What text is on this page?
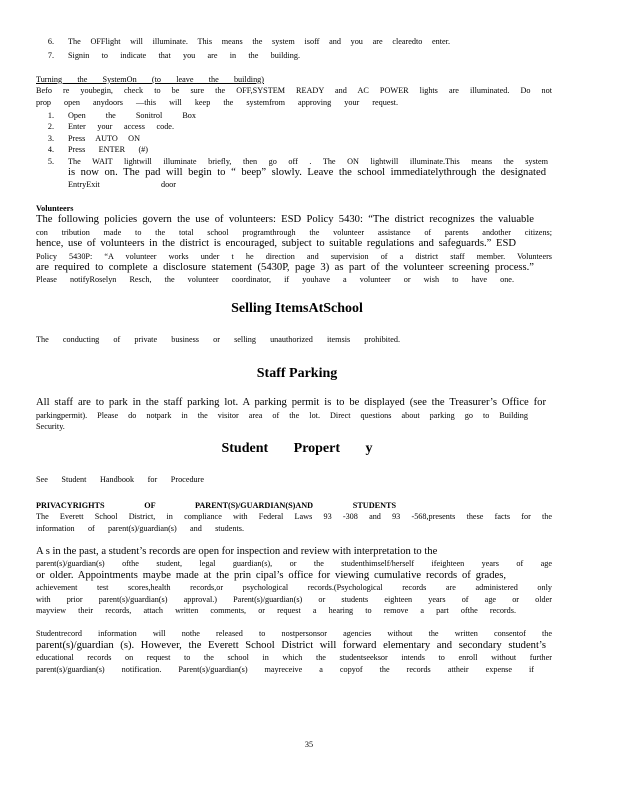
6.	The OFFlight will illuminate. This means the system isoff and you are clearedto enter.
7.	Signin to indicate that you are in the building.
Turning the SystemOn (to leave the building)
Befo re youbegin, check to be sure the OFF,SYSTEM READY and AC POWER lights are illuminated. Do not
prop open anydoors —this will keep the systemfrom approving your request.
1.	Open the Sonitrol Box
2.	Enter your access code.
3.	Press AUTO ON
4.	Press ENTER (#)
5.	The WAIT lightwill illuminate briefly, then go off . The ON lightwill illuminate.This means the system
is now on. The pad will begin to “ beep” slowly. Leave the school immediatelythrough the designated
EntryExit door
Volunteers
The following policies govern the use of volunteers: ESD Policy 5430: “The district recognizes the valuable
con tribution made to the total school programthrough the volunteer assistance of parents andother citizens;
hence, use of volunteers in the district is encouraged, subject to suitable regulations and safeguards.” ESD
Policy 5430P: “A volunteer works under t he direction and supervision of a district staff member. Volunteers
are required to complete a disclosure statement (5430P, page 3) as part of the volunteer screening process.”
Please notifyRoselyn Resch, the volunteer coordinator, if youhave a volunteer or wish to have one.
Selling ItemsAtSchool
The conducting of private business or selling unauthorized itemsis prohibited.
Staff Parking
All staff are to park in the staff parking lot. A parking permit is to be displayed (see the Treasurer’s Office for
parkingpermit). Please do notpark in the visitor area of the lot. Direct questions about parking go to Building
Security.
Student Propert y
See Student Handbook for Procedure
PRIVACYRIGHTS OF PARENT(S)/GUARDIAN(S)AND STUDENTS
The Everett School District, in compliance with Federal Laws 93 -308 and 93 -568,presents these facts for the
information of parent(s)/guardian(s) and students.
A s in the past, a student’s records are open for inspection and review with interpretation to the
parent(s)/guardian(s) ofthe student, legal guardian(s), or the studenthimself/herself ifeighteen years of age
or older. Appointments maybe made at the prin cipal’s office for viewing cumulative records of grades,
achievement test scores,health records,or psychological records.(Psychological records are administered only
with prior parent(s)/guardian(s) approval.) Parent(s)/guardian(s) or students eighteen years of age or older
mayview their records, attach written comments, or request a hearing to remove a part ofthe records.
Studentrecord information will nothe released to nostpersonsor agencies without the written consentof the
parent(s)/guardian (s). However, the Everett School District will forward elementary and secondary student’s
educational records on request to the school in which the studentseeksor intends to enroll without further
parent(s)/guardian(s) notification. Parent(s)/guardian(s) mayreceive a copyof the records attheir expense if
35
